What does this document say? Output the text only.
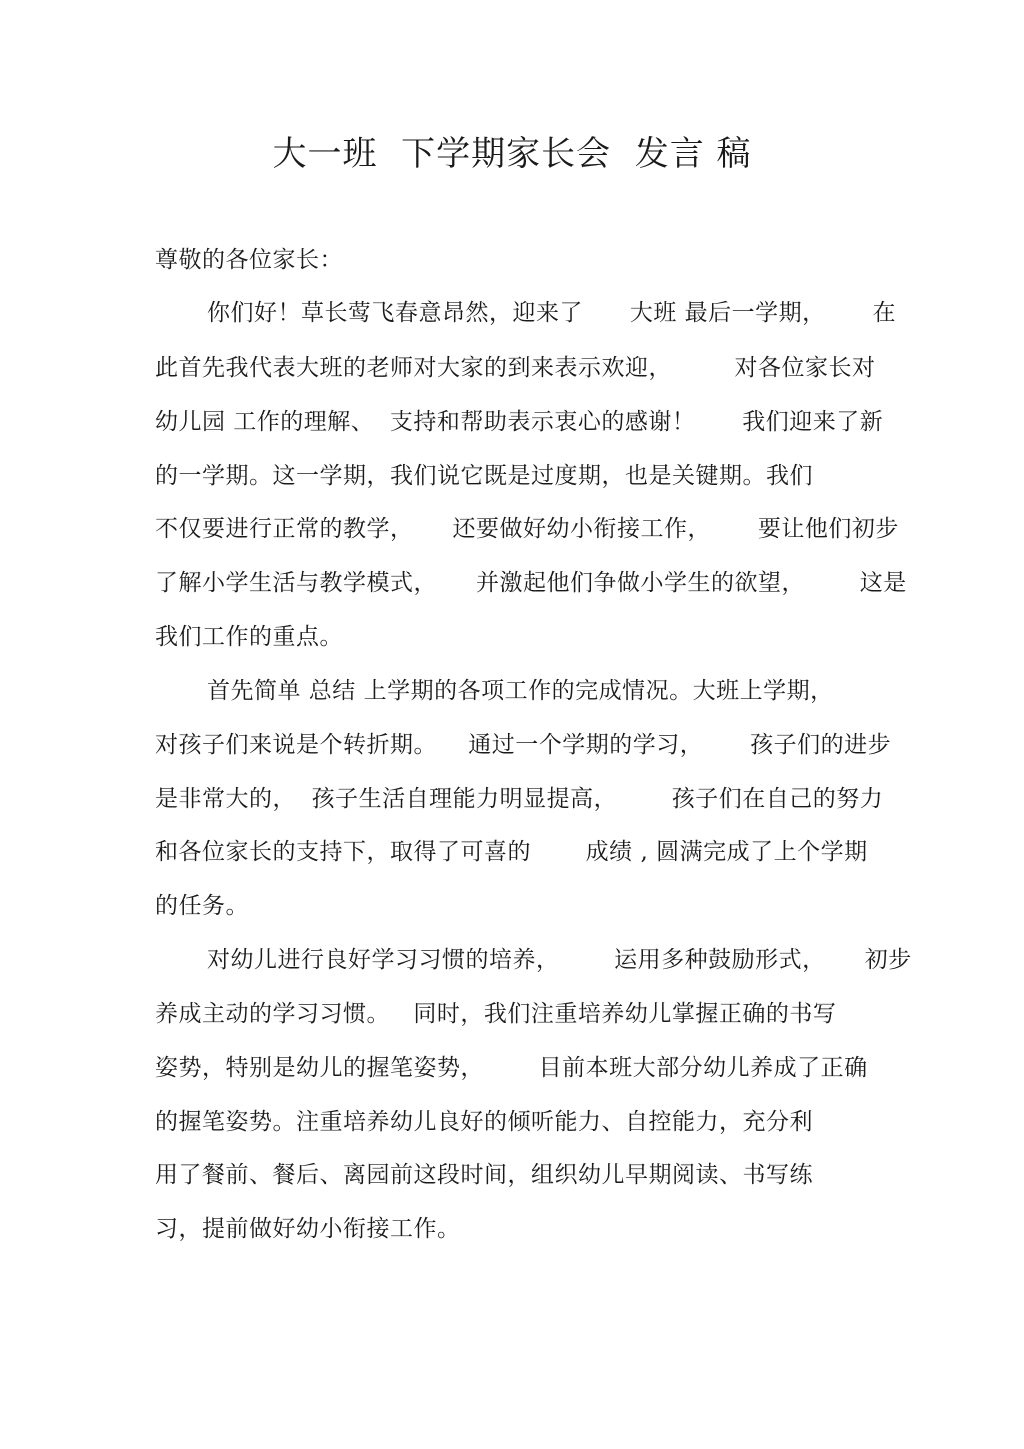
大一班  下学期家长会  发言 稿
尊敬的各位家长：
你们好！草长莺飞春意昂然，迎来了      大班 最后一学期，      在
此首先我代表大班的老师对大家的到来表示欢迎，        对各位家长对
幼儿园 工作的理解、  支持和帮助表示衷心的感谢！      我们迎来了新
的一学期。这一学期，我们说它既是过度期，也是关键期。我们
不仅要进行正常的教学，     还要做好幼小衔接工作，      要让他们初步
了解小学生活与教学模式，     并激起他们争做小学生的欲望，       这是
我们工作的重点。
首先简单 总结 上学期的各项工作的完成情况。大班上学期，
对孩子们来说是个转折期。    通过一个学期的学习，      孩子们的进步
是非常大的，  孩子生活自理能力明显提高，       孩子们在自己的努力
和各位家长的支持下，取得了可喜的       成绩 , 圆满完成了上个学期
的任务。
对幼儿进行良好学习习惯的培养，       运用多种鼓励形式，     初步
养成主动的学习习惯。   同时，我们注重培养幼儿掌握正确的书写
姿势，特别是幼儿的握笔姿势，       目前本班大部分幼儿养成了正确
的握笔姿势。注重培养幼儿良好的倾听能力、自控能力，充分利
用了餐前、餐后、离园前这段时间，组织幼儿早期阅读、书写练
习，提前做好幼小衔接工作。
